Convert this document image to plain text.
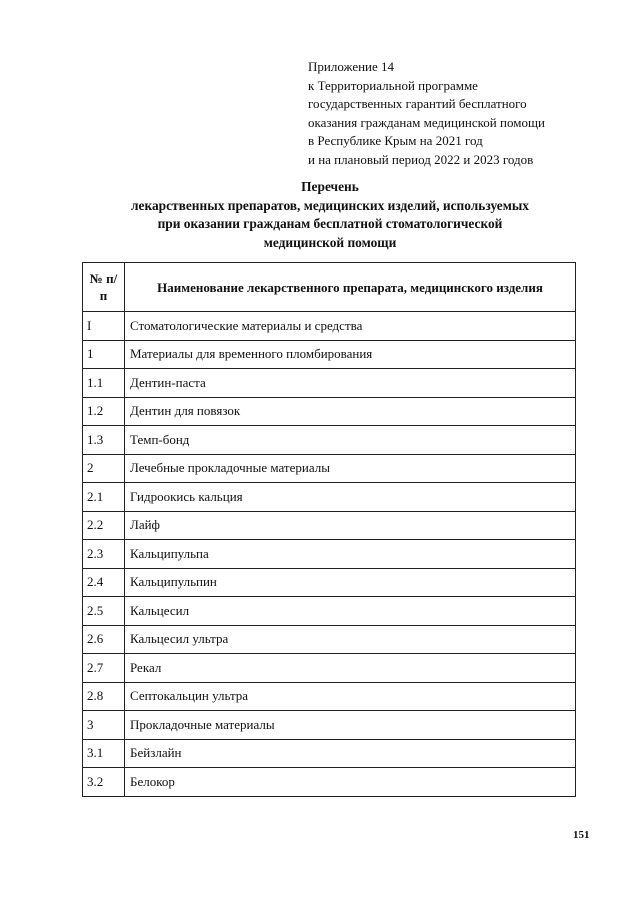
Приложение 14
к Территориальной программе
государственных гарантий бесплатного
оказания гражданам медицинской помощи
в Республике Крым на 2021 год
и на плановый период 2022 и 2023 годов
Перечень
лекарственных препаратов, медицинских изделий, используемых
при оказании гражданам бесплатной стоматологической
медицинской помощи
№ п/п	Наименование лекарственного препарата, медицинского изделия
I	Стоматологические материалы и средства
1	Материалы для временного пломбирования
1.1	Дентин-паста
1.2	Дентин для повязок
1.3	Темп-бонд
2	Лечебные прокладочные материалы
2.1	Гидроокись кальция
2.2	Лайф
2.3	Кальципульпа
2.4	Кальципульпин
2.5	Кальцесил
2.6	Кальцесил ультра
2.7	Рекал
2.8	Септокальцин ультра
3	Прокладочные материалы
3.1	Бейзлайн
3.2	Белокор
151
